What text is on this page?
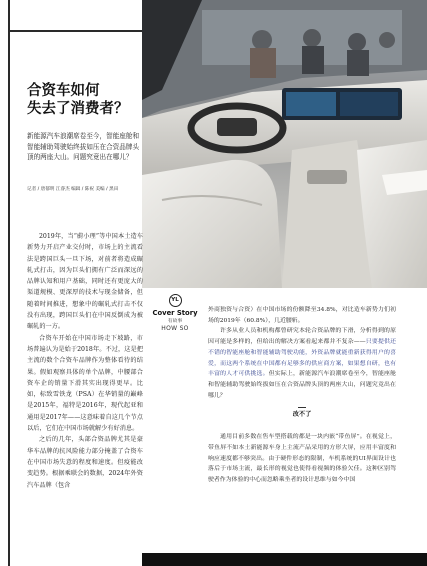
合资车如何
失去了消费者？
新能源汽车浪潮席卷至今，智能座舱和智能辅助驾驶始终拔如压在合资品牌头顶的两座大山。问题究竟出在哪儿？
记者 / 唐郁明 江睿杰 编辑 / 陈祝 美编 / 黑田

2019年，当“蔚小理”等中国本土造车新势力开启产业交付时，市场上的主流看法是跨国巨头一旦下场，对前者将造成碾轧式打击，因为巨头们拥有广泛而深远的品牌认知和用户基础，同时还有更庞大的渠道规模、更深厚的技术与现金储备，但随着时间推进，想象中的碾轧式打击不仅没有出现，跨国巨头们在中国反倒成为被碾轧的一方。

合资车开始在中国市场走下坡路，市场普遍认为是始于2018年。不过，这是把主流的数个合资车品牌作为整体看待的结果。假如观察具体的单个品牌，中腰部合资车企的销量下滑其实出现得更早。比如，标致雪铁龙（PSA）在华销量的巅峰是2015年，福特是2016年，现代起亚和通用是2017年——这意味着自这几个节点以后，它们在中国市场就解少有好消息。

之后的几年，头部合资品牌尤其是豪华车品牌的抗风险能力部分掩盖了合资车在中国市场失意的程度和速度。但疫能改变趋势。根据乘联会的数据，2024年外资汽车品牌（包含

YL
Cover Story
有故事
HOW SO

外商独资与合资）在中国市场的份额降至34.8%，对比造车新势力们初场的2019年（60.8%），几近腰斩。

许多从业人员和机构都曾研究本轮合资品牌的下滑，分析得到的原因可能是多样的，但给出的解决方案看起来都并不复杂——只要提供还不错的智能座舱和智能辅助驾驶功能，外资品牌就能重新获得用户的喜爱，而这两个系统在中国都有足够多的供应商方案，如果想自研，也有丰富的人才可供挑选。但实际上，新能源汽车浪潮席卷至今，智能座舱和智能辅助驾驶始终拔如压在合资品牌头顶的两座大山，问题究竟出在哪儿？

改不了

通用目前多数在售车型搭载的都是一块内嵌“带鱼屏”。在视觉上，带鱼屏不如本土新能源车身上主流产品采用的方形大屏，应用丰富度和响应速度都不够突出。由于硬件形态的限制，车机系统的UI界面设计也落后于市场主流，最长形的视觉也使得看视频的体验欠佳。这种区别驾驶者作为体验的中心而忽略乘坐者的设计思维与如今中国
